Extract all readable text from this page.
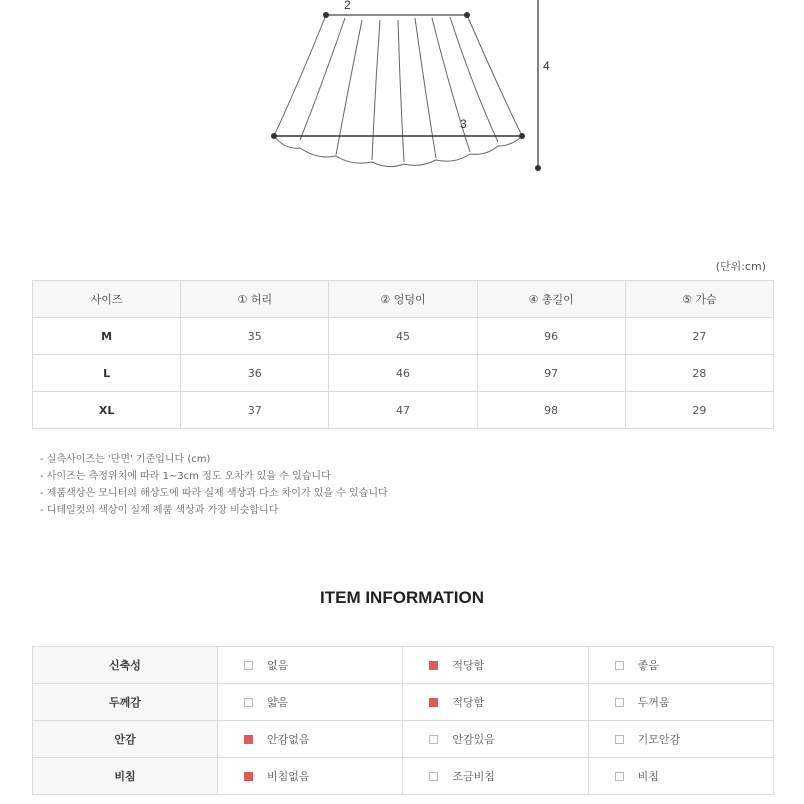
2
3
4
(단위:cm)
사이즈	① 허리	② 엉덩이	④ 총길이	⑤ 가슴
M	35	45	96	27
L	36	46	97	28
XL	37	47	98	29
- 실측사이즈는 '단면' 기준입니다 (cm)
- 사이즈는 측정위치에 따라 1~3cm 정도 오차가 있을 수 있습니다
- 제품색상은 모니터의 해상도에 따라 실제 색상과 다소 차이가 있을 수 있습니다
- 디테일컷의 색상이 실제 제품 색상과 가장 비슷합니다
ITEM INFORMATION
신축성	없음	적당함	좋음

두께감	얇음	적당함	두꺼움

안감	안감없음	안감있음	기모안감

비침	비침없음	조금비침	비침
